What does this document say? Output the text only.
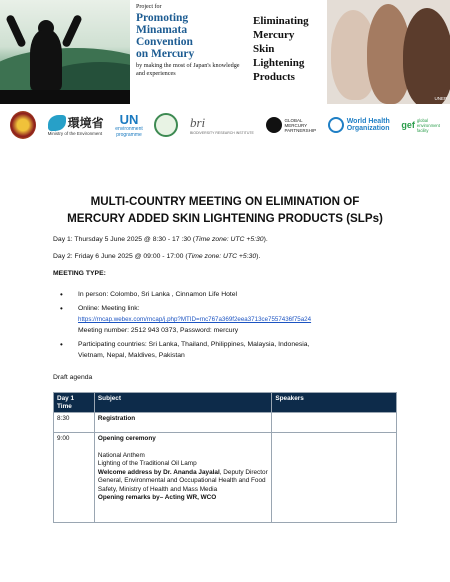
Project for
Promoting
Minamata
Convention
on Mercury
by making the most of Japan's knowledge and experiences
Eliminating
Mercury
Skin
Lightening
Products
UNEP
環境省
Ministry of the Environment
UN
environment
programme
bri
BIODIVERSITY RESEARCH INSTITUTE
GLOBAL
MERCURY
PARTNERSHIP
World Health
Organization gef global
environment
facility
MULTI-COUNTRY MEETING ON ELIMINATION OF
MERCURY ADDED SKIN LIGHTENING PRODUCTS (SLPs)
Day 1: Thursday 5 June 2025 @ 8:30 - 17 :30 (Time zone: UTC +5:30).
Day 2: Friday 6 June 2025 @ 09:00 - 17:00 (Time zone: UTC +5:30).
MEETING TYPE:
•	In person: Colombo, Sri Lanka , Cinnamon Life Hotel
•	Online: Meeting link:
https://rncap.webex.com/rncap/j.php?MTID=rnc767a369f2eea3713ce7557436f75a24
Meeting number: 2512 943 0373, Password: mercury
•	Participating countries: Sri Lanka, Thailand, Philippines, Malaysia, Indonesia,
Vietnam, Nepal, Maldives, Pakistan
Draft agenda
Day 1
Time	Subject	Speakers
8:30	Registration	
9:00	Opening ceremony
National Anthem
Lighting of the Traditional Oil Lamp
Welcome address by Dr. Ananda Jayalal, Deputy Director General, Environmental and Occupational Health and Food Safety, Ministry of Health and Mass Media
Opening remarks by– Acting WR, WCO	
